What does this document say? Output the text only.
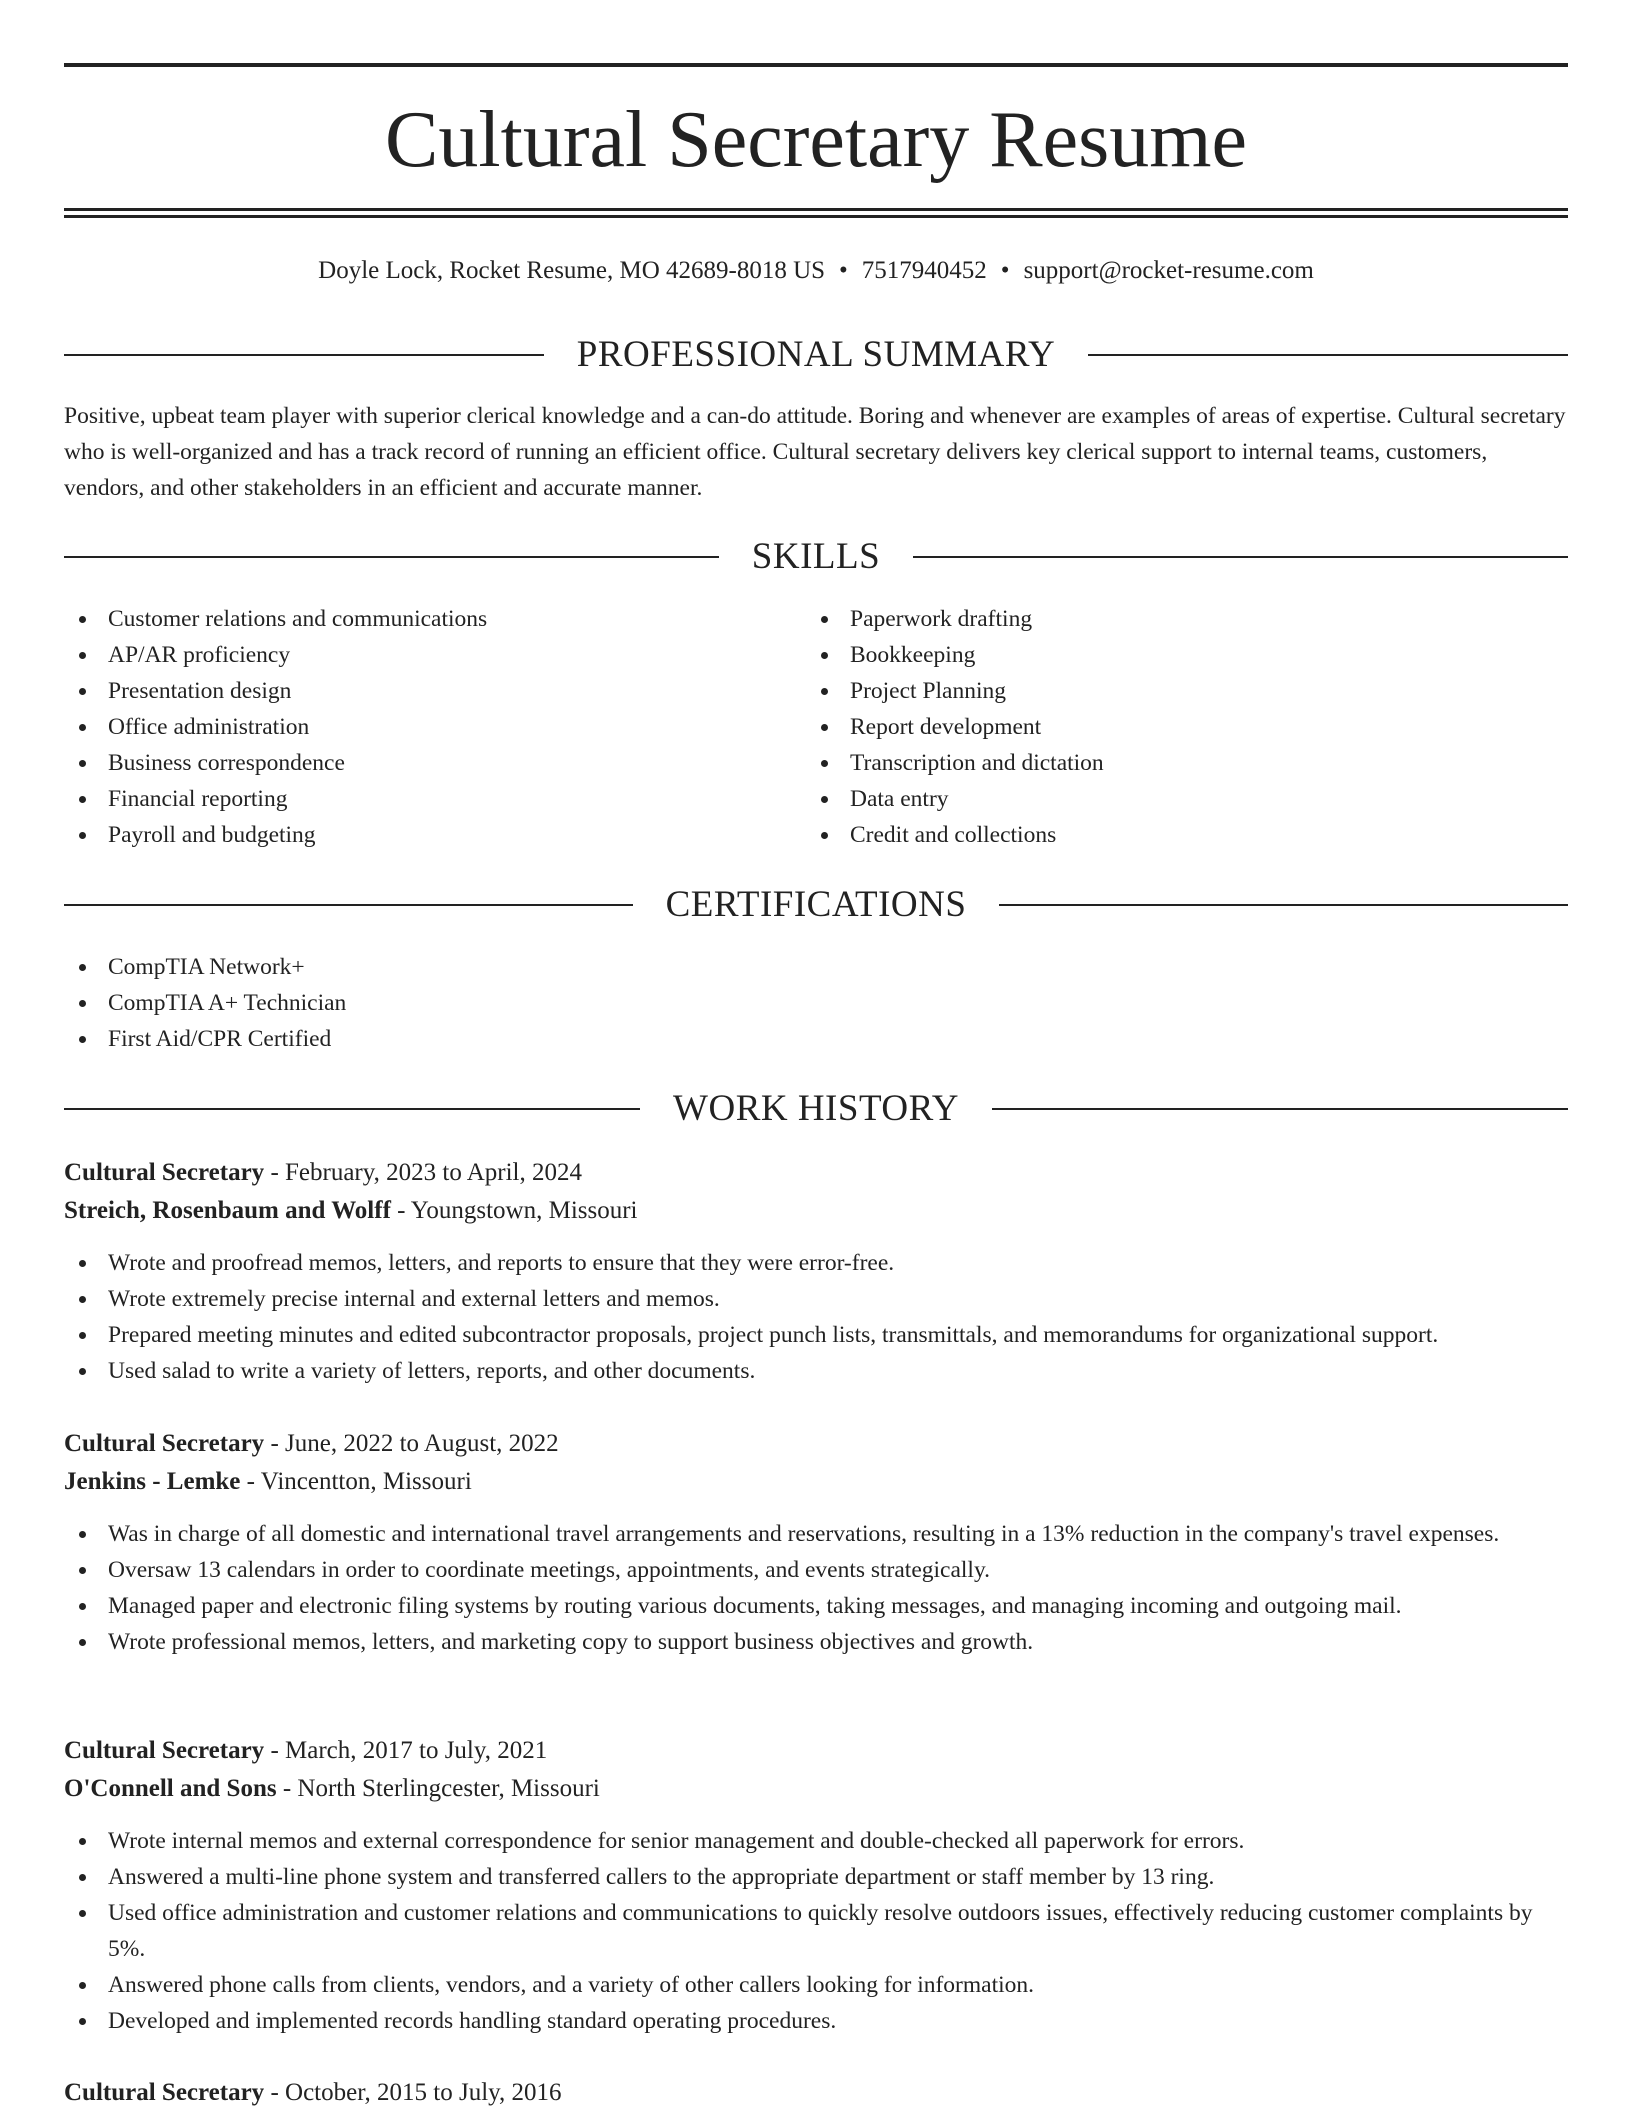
Cultural Secretary Resume
Doyle Lock, Rocket Resume, MO 42689-8018 US • 7517940452 • support@rocket-resume.com
PROFESSIONAL SUMMARY

Positive, upbeat team player with superior clerical knowledge and a can-do attitude. Boring and whenever are examples of areas of expertise. Cultural secretary who is well-organized and has a track record of running an efficient office. Cultural secretary delivers key clerical support to internal teams, customers, vendors, and other stakeholders in an efficient and accurate manner.

SKILLS
Customer relations and communications
AP/AR proficiency
Presentation design
Office administration
Business correspondence
Financial reporting
Payroll and budgeting
Paperwork drafting
Bookkeeping
Project Planning
Report development
Transcription and dictation
Data entry
Credit and collections
CERTIFICATIONS
CompTIA Network+
CompTIA A+ Technician
First Aid/CPR Certified
WORK HISTORY
Cultural Secretary - February, 2023 to April, 2024
Streich, Rosenbaum and Wolff - Youngstown, Missouri
Wrote and proofread memos, letters, and reports to ensure that they were error-free.
Wrote extremely precise internal and external letters and memos.
Prepared meeting minutes and edited subcontractor proposals, project punch lists, transmittals, and memorandums for organizational support.
Used salad to write a variety of letters, reports, and other documents.
Cultural Secretary - June, 2022 to August, 2022
Jenkins - Lemke - Vincentton, Missouri
Was in charge of all domestic and international travel arrangements and reservations, resulting in a 13% reduction in the company's travel expenses.
Oversaw 13 calendars in order to coordinate meetings, appointments, and events strategically.
Managed paper and electronic filing systems by routing various documents, taking messages, and managing incoming and outgoing mail.
Wrote professional memos, letters, and marketing copy to support business objectives and growth.
Cultural Secretary - March, 2017 to July, 2021
O'Connell and Sons - North Sterlingcester, Missouri
Wrote internal memos and external correspondence for senior management and double-checked all paperwork for errors.
Answered a multi-line phone system and transferred callers to the appropriate department or staff member by 13 ring.
Used office administration and customer relations and communications to quickly resolve outdoors issues, effectively reducing customer complaints by 5%.
Answered phone calls from clients, vendors, and a variety of other callers looking for information.
Developed and implemented records handling standard operating procedures.
Cultural Secretary - October, 2015 to July, 2016
